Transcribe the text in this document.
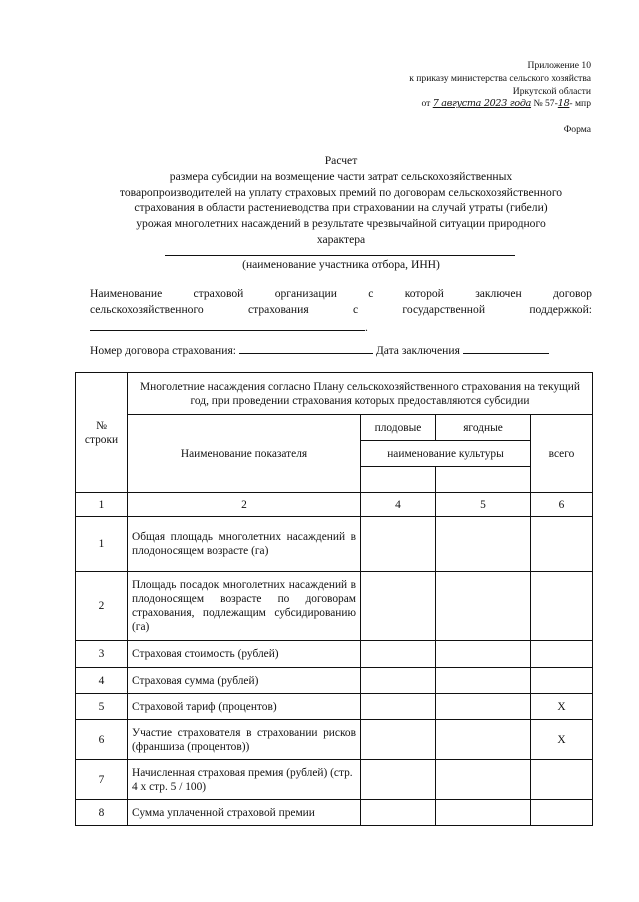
Приложение 10
к приказу министерства сельского хозяйства
Иркутской области
от 7 августа 2023 года № 57-18- мпр
Форма
Расчет
размера субсидии на возмещение части затрат сельскохозяйственных
товаропроизводителей на уплату страховых премий по договорам сельскохозяйственного
страхования в области растениеводства при страховании на случай утраты (гибели)
урожая многолетних насаждений в результате чрезвычайной ситуации природного
характера
(наименование участника отбора, ИНН)
Наименование	страховой	организации	с	которой	заключен	договор
сельскохозяйственного	страхования	с	государственной	поддержкой:
.
Номер договора страхования:	Дата заключения
№ строки	Многолетние насаждения согласно Плану сельскохозяйственного страхования на текущий год, при проведении страхования которых предоставляются субсидии			
	Наименование показателя	плодовые	ягодные	всего
		наименование культуры		

1	2	4	5	6
1	Общая площадь многолетних насаждений в плодоносящем возрасте (га)			
2	Площадь посадок многолетних насаждений в плодоносящем возрасте по договорам страхования, подлежащим субсидированию (га)			
3	Страховая стоимость (рублей)			
4	Страховая сумма (рублей)			
5	Страховой тариф (процентов)			X
6	Участие страхователя в страховании рисков (франшиза (процентов))			X
7	Начисленная страховая премия (рублей) (стр. 4 х стр. 5 / 100)			
8	Сумма уплаченной страховой премии			
